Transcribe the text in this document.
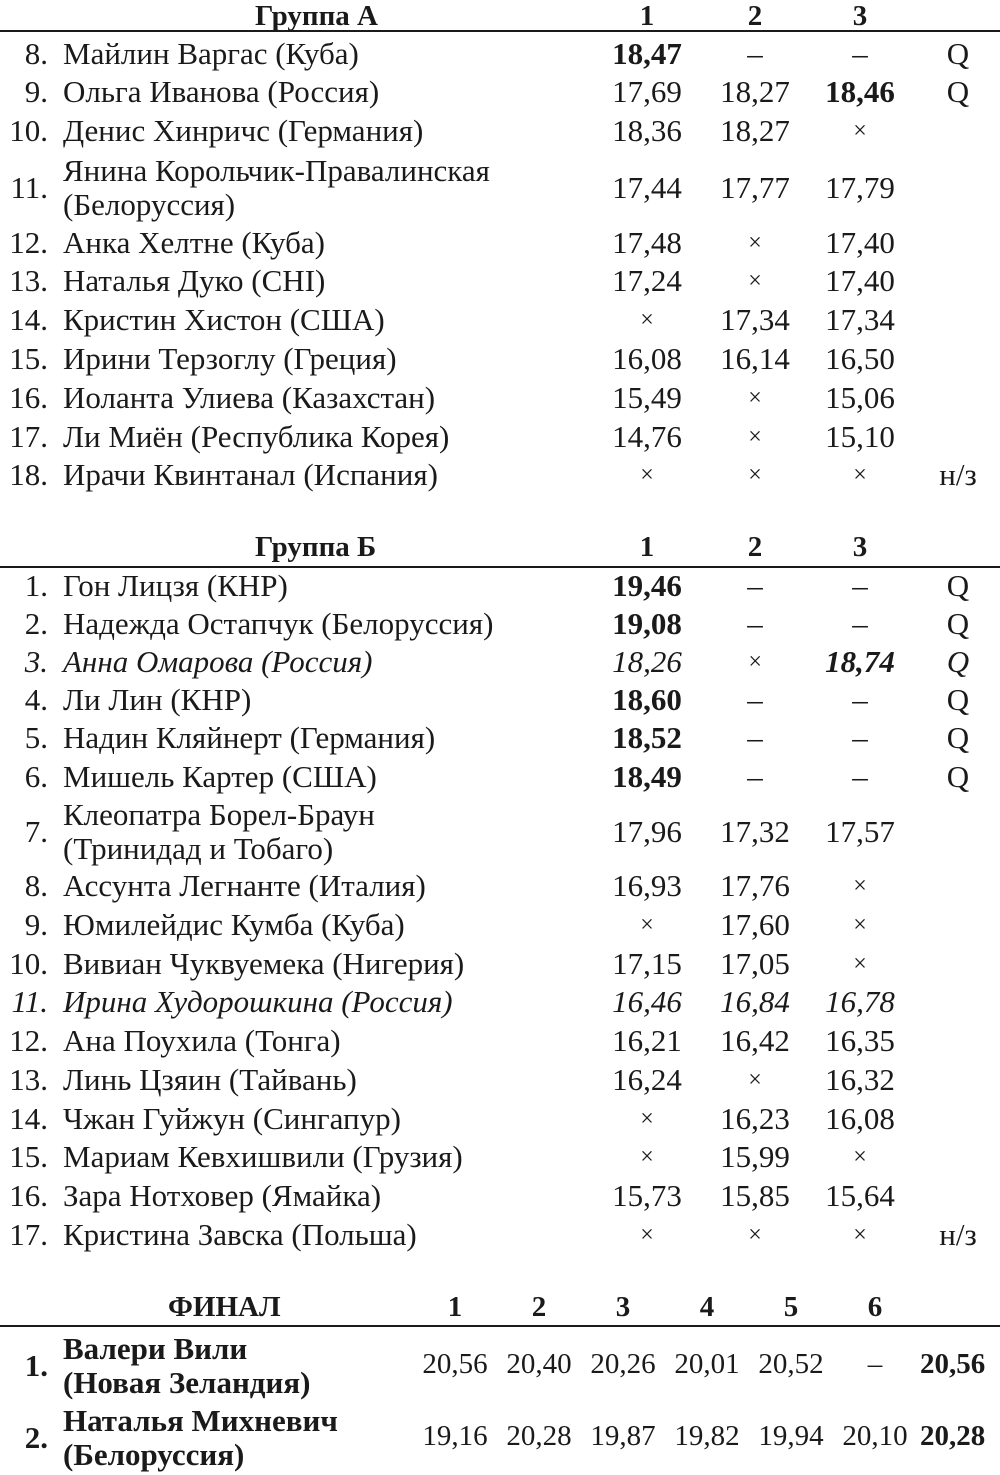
Группа А	1	2	3
8. Майлин Варгас (Куба)	18,47	–	–	Q
9. Ольга Иванова (Россия)	17,69	18,27	18,46	Q
10. Денис Хинричс (Германия)	18,36	18,27	×
11. Янина Корольчик-Правалинская
(Белоруссия)	17,44	17,77	17,79
12. Анка Хелтне (Куба)	17,48	×	17,40
13. Наталья Дуко (CHI)	17,24	×	17,40
14. Кристин Хистон (США)	×	17,34	17,34
15. Ирини Терзоглу (Греция)	16,08	16,14	16,50
16. Иоланта Улиева (Казахстан)	15,49	×	15,06
17. Ли Миён (Республика Корея)	14,76	×	15,10
18. Ирачи Квинтанал (Испания)	×	×	×	н/з
Группа Б	1	2	3
1. Гон Лицзя (КНР)	19,46	–	–	Q
2. Надежда Остапчук (Белоруссия)	19,08	–	–	Q
3. Анна Омарова (Россия)	18,26	×	18,74	Q
4. Ли Лин (КНР)	18,60	–	–	Q
5. Надин Кляйнерт (Германия)	18,52	–	–	Q
6. Мишель Картер (США)	18,49	–	–	Q
7. Клеопатра Борел-Браун
(Тринидад и Тобаго)	17,96	17,32	17,57
8. Ассунта Легнанте (Италия)	16,93	17,76	×
9. Юмилейдис Кумба (Куба)	×	17,60	×
10. Вивиан Чуквуемека (Нигерия)	17,15	17,05	×
11. Ирина Худорошкина (Россия)	16,46	16,84	16,78
12. Ана Поухила (Тонга)	16,21	16,42	16,35
13. Линь Цзяин (Тайвань)	16,24	×	16,32
14. Чжан Гуйжун (Сингапур)	×	16,23	16,08
15. Мариам Кевхишвили (Грузия)	×	15,99	×
16. Зара Нотховер (Ямайка)	15,73	15,85	15,64
17. Кристина Завска (Польша)	×	×	×	н/з
ФИНАЛ	1	2	3	4	5	6
1. Валери Вили
(Новая Зеландия)
20,56 20,40 20,26 20,01 20,52	–	20,56
2. Наталья Михневич
(Белоруссия)
19,16 20,28 19,87 19,82 19,94 20,10 20,28
